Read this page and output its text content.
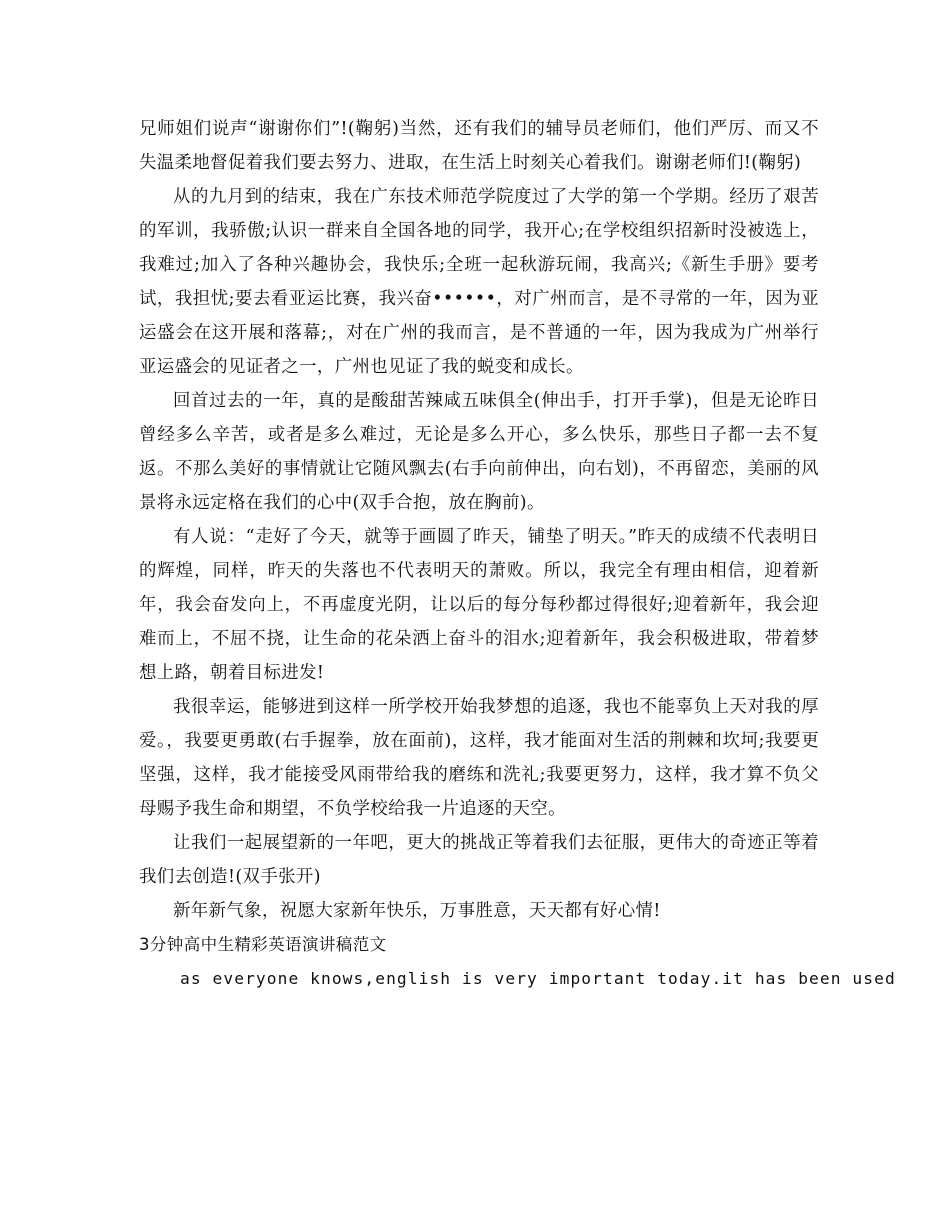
兄师姐们说声“谢谢你们”!(鞠躬)当然，还有我们的辅导员老师们，他们严厉、而又不失温柔地督促着我们要去努力、进取，在生活上时刻关心着我们。谢谢老师们!(鞠躬)

从的九月到的结束，我在广东技术师范学院度过了大学的第一个学期。经历了艰苦的军训，我骄傲;认识一群来自全国各地的同学，我开心;在学校组织招新时没被选上，我难过;加入了各种兴趣协会，我快乐;全班一起秋游玩闹，我高兴;《新生手册》要考试，我担忧;要去看亚运比赛，我兴奋••••••，对广州而言，是不寻常的一年，因为亚运盛会在这开展和落幕;，对在广州的我而言，是不普通的一年，因为我成为广州举行亚运盛会的见证者之一，广州也见证了我的蜕变和成长。

回首过去的一年，真的是酸甜苦辣咸五味俱全(伸出手，打开手掌)，但是无论昨日曾经多么辛苦，或者是多么难过，无论是多么开心，多么快乐，那些日子都一去不复返。不那么美好的事情就让它随风飘去(右手向前伸出，向右划)，不再留恋，美丽的风景将永远定格在我们的心中(双手合抱，放在胸前)。

有人说：“走好了今天，就等于画圆了昨天，铺垫了明天。”昨天的成绩不代表明日的辉煌，同样，昨天的失落也不代表明天的萧败。所以，我完全有理由相信，迎着新年，我会奋发向上，不再虚度光阴，让以后的每分每秒都过得很好;迎着新年，我会迎难而上，不屈不挠，让生命的花朵洒上奋斗的泪水;迎着新年，我会积极进取，带着梦想上路，朝着目标进发!

我很幸运，能够进到这样一所学校开始我梦想的追逐，我也不能辜负上天对我的厚爱。，我要更勇敢(右手握拳，放在面前)，这样，我才能面对生活的荆棘和坎坷;我要更坚强，这样，我才能接受风雨带给我的磨练和洗礼;我要更努力，这样，我才算不负父母赐予我生命和期望，不负学校给我一片追逐的天空。

让我们一起展望新的一年吧，更大的挑战正等着我们去征服，更伟大的奇迹正等着我们去创造!(双手张开)

新年新气象，祝愿大家新年快乐，万事胜意，天天都有好心情!

3分钟高中生精彩英语演讲稿范文

as everyone knows,english is very important today.it has been used
